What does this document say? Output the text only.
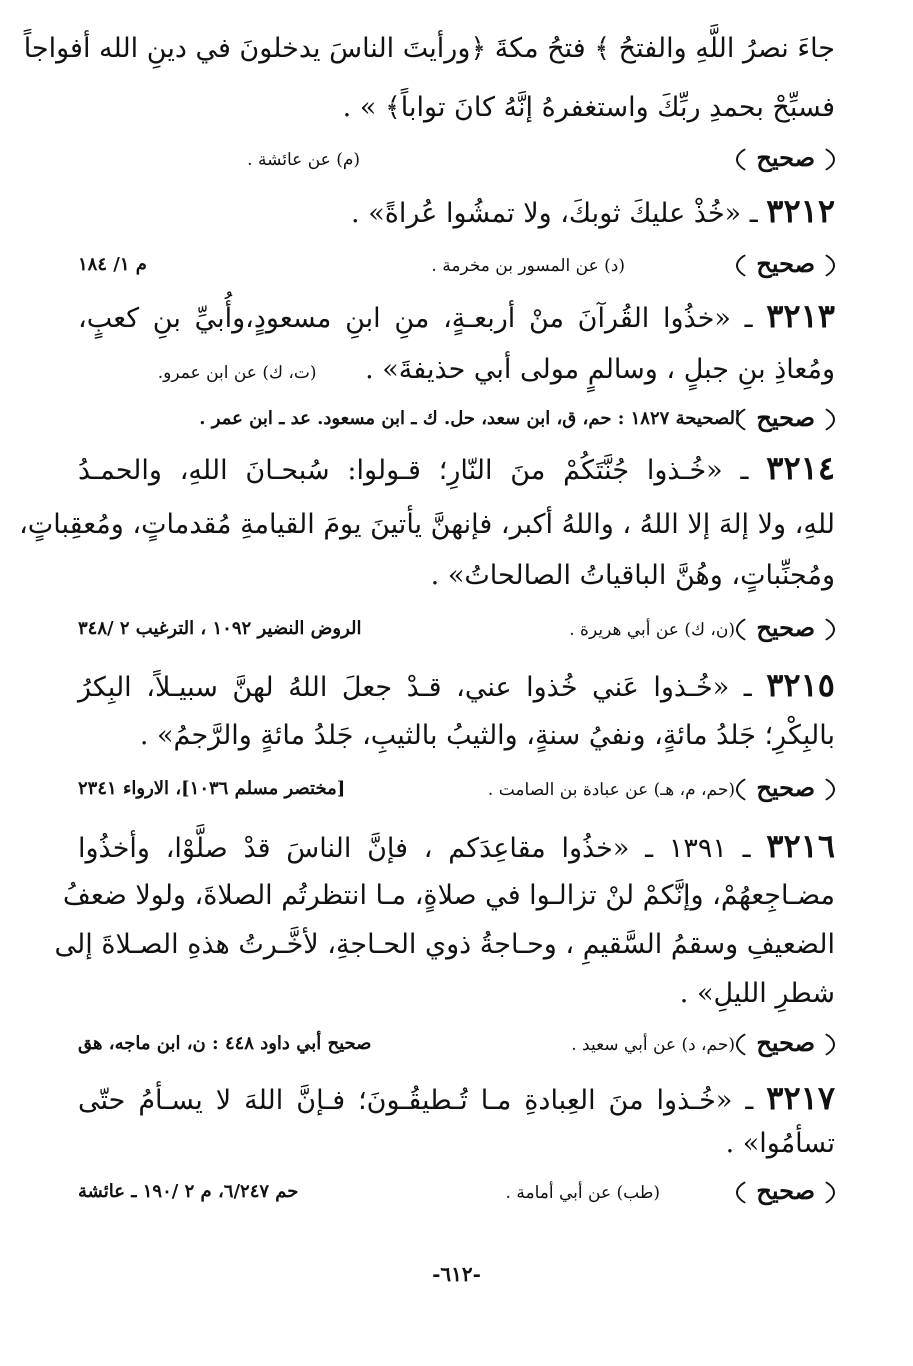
جاءَ نصرُ اللَّهِ والفتحُ ﴾ فتحُ مكةَ ﴿ورأيتَ الناسَ يدخلونَ في دينِ الله أفواجاً
فسبِّحْ بحمدِ ربِّكَ واستغفرهُ إنَّهُ كانَ تواباً﴾ » .
صحيح
(م) عن عائشة .
٣٢١٢ ـ «خُذْ عليكَ ثوبكَ، ولا تمشُوا عُراةً» .
صحيح
(د) عن المسور بن مخرمة .
م ١/ ١٨٤
٣٢١٣ ـ «خذُوا القُرآنَ منْ أربعـةٍ، منِ ابنِ مسعودٍ،وأُبيِّ بنِ كعبٍ،
ومُعاذِ بنِ جبلٍ ، وسالمٍ مولى أبي حذيفةَ» . (ت، ك) عن ابن عمرو.
صحيح
الصحيحة ١٨٢٧ : حم، ق، ابن سعد، حل. ك ـ ابن مسعود. عد ـ ابن عمر .
٣٢١٤ ـ «خُـذوا جُنَّتَكُمْ منَ النّارِ؛ قـولوا: سُبحـانَ اللهِ، والحمـدُ
للهِ، ولا إلهَ إلا اللهُ ، واللهُ أكبر، فإنهنَّ يأتينَ يومَ القيامةِ مُقدماتٍ، ومُعقِباتٍ،
ومُجنِّباتٍ، وهُنَّ الباقياتُ الصالحاتُ» .
صحيح
(ن، ك) عن أبي هريرة .
الروض النضير ١٠٩٢ ، الترغيب ٢ /٣٤٨
٣٢١٥ ـ «خُـذوا عَني خُذوا عني، قـدْ جعلَ اللهُ لهنَّ سبيـلاً، البِكرُ
بالبِكْرِ؛ جَلدُ مائةٍ، ونفيُ سنةٍ، والثيبُ بالثيبِ، جَلدُ مائةٍ والرَّجمُ» .
صحيح
(حم، م، هـ) عن عبادة بن الصامت .
[مختصر مسلم ١٠٣٦]، الارواء ٢٣٤١
٣٢١٦ ـ ١٣٩١ ـ «خذُوا مقاعِدَكم ، فإنَّ الناسَ قدْ صلَّوْا، وأخذُوا
مضـاجِعهُمْ، وإنَّكمْ لنْ تزالـوا في صلاةٍ، مـا انتظرتُم الصلاةَ، ولولا ضعفُ
الضعيفِ وسقمُ السَّقيمِ ، وحـاجةُ ذوي الحـاجةِ، لأخَّـرتُ هذهِ الصـلاةَ إلى
شطرِ الليلِ» .
صحيح
(حم، د) عن أبي سعيد .
صحيح أبي داود ٤٤٨ : ن، ابن ماجه، هق
٣٢١٧ ـ «خُـذوا منَ العِبادةِ مـا تُـطيقُـونَ؛ فـإنَّ اللهَ لا يسـأمُ حتّى
تسأمُوا» .
صحيح
(طب) عن أبي أمامة .
حم ٦/٢٤٧، م ٢ /١٩٠ ـ عائشة
-٦١٢-
